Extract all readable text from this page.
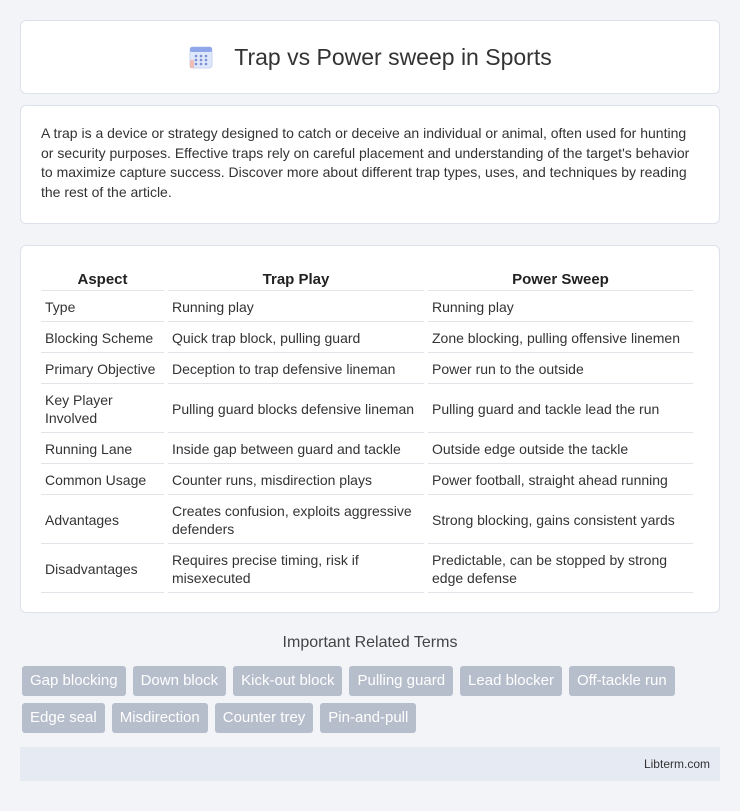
Trap vs Power sweep in Sports

A trap is a device or strategy designed to catch or deceive an individual or animal, often used for hunting or security purposes. Effective traps rely on careful placement and understanding of the target's behavior to maximize capture success. Discover more about different trap types, uses, and techniques by reading the rest of the article.

Aspect	Trap Play	Power Sweep
Type	Running play	Running play
Blocking Scheme	Quick trap block, pulling guard	Zone blocking, pulling offensive linemen
Primary Objective	Deception to trap defensive lineman	Power run to the outside
Key Player Involved	Pulling guard blocks defensive lineman	Pulling guard and tackle lead the run
Running Lane	Inside gap between guard and tackle	Outside edge outside the tackle
Common Usage	Counter runs, misdirection plays	Power football, straight ahead running
Advantages	Creates confusion, exploits aggressive defenders	Strong blocking, gains consistent yards
Disadvantages	Requires precise timing, risk if misexecuted	Predictable, can be stopped by strong edge defense
Important Related Terms
Gap blocking	Down block	Kick-out block	Pulling guard	Lead blocker	Off-tackle run
Edge seal	Misdirection	Counter trey	Pin-and-pull
Libterm.com
